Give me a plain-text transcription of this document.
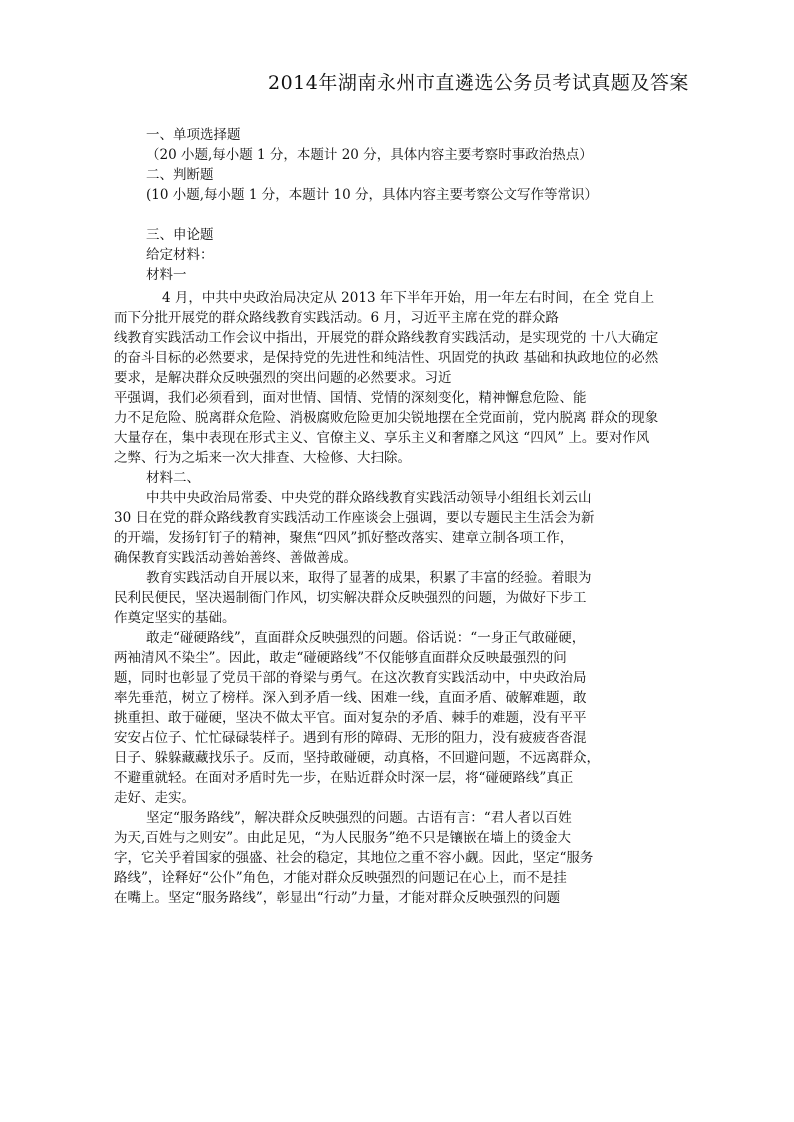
2014年湖南永州市直遴选公务员考试真题及答案
一、单项选择题
（20 小题,每小题 1 分，本题计 20 分，具体内容主要考察时事政治热点）
二、判断题
(10 小题,每小题 1 分，本题计 10 分，具体内容主要考察公文写作等常识）
三、申论题
给定材料：
材料一
4 月，中共中央政治局决定从 2013 年下半年开始，用一年左右时间，在全 党自上
而下分批开展党的群众路线教育实践活动。6 月，习近平主席在党的群众路
线教育实践活动工作会议中指出，开展党的群众路线教育实践活动，是实现党的 十八大确定
的奋斗目标的必然要求，是保持党的先进性和纯洁性、巩固党的执政 基础和执政地位的必然
要求，是解决群众反映强烈的突出问题的必然要求。习近
平强调，我们必须看到，面对世情、国情、党情的深刻变化，精神懈怠危险、能
力不足危险、脱离群众危险、消极腐败危险更加尖锐地摆在全党面前，党内脱离 群众的现象
大量存在，集中表现在形式主义、官僚主义、享乐主义和奢靡之风这 “四风” 上。要对作风
之弊、行为之垢来一次大排查、大检修、大扫除。
材料二、
中共中央政治局常委、中央党的群众路线教育实践活动领导小组组长刘云山
30 日在党的群众路线教育实践活动工作座谈会上强调，要以专题民主生活会为新
的开端，发扬钉钉子的精神，聚焦“四风”抓好整改落实、建章立制各项工作，
确保教育实践活动善始善终、善做善成。
教育实践活动自开展以来，取得了显著的成果，积累了丰富的经验。着眼为
民利民便民，坚决遏制衙门作风，切实解决群众反映强烈的问题，为做好下步工
作奠定坚实的基础。
敢走“碰硬路线”，直面群众反映强烈的问题。俗话说：“一身正气敢碰硬，
两袖清风不染尘”。因此，敢走“碰硬路线”不仅能够直面群众反映最强烈的问
题，同时也彰显了党员干部的脊梁与勇气。在这次教育实践活动中，中央政治局
率先垂范，树立了榜样。深入到矛盾一线、困难一线，直面矛盾、破解难题，敢
挑重担、敢于碰硬，坚决不做太平官。面对复杂的矛盾、棘手的难题，没有平平
安安占位子、忙忙碌碌装样子。遇到有形的障碍、无形的阻力，没有疲疲沓沓混
日子、躲躲藏藏找乐子。反而，坚持敢碰硬，动真格，不回避问题，不远离群众，
不避重就轻。在面对矛盾时先一步，在贴近群众时深一层，将“碰硬路线”真正
走好、走实。
坚定“服务路线”，解决群众反映强烈的问题。古语有言：“君人者以百姓
为天,百姓与之则安”。由此足见，“为人民服务”绝不只是镶嵌在墙上的烫金大
字，它关乎着国家的强盛、社会的稳定，其地位之重不容小觑。因此，坚定“服务
路线”，诠释好“公仆”角色，才能对群众反映强烈的问题记在心上，而不是挂
在嘴上。坚定“服务路线”，彰显出“行动”力量，才能对群众反映强烈的问题
